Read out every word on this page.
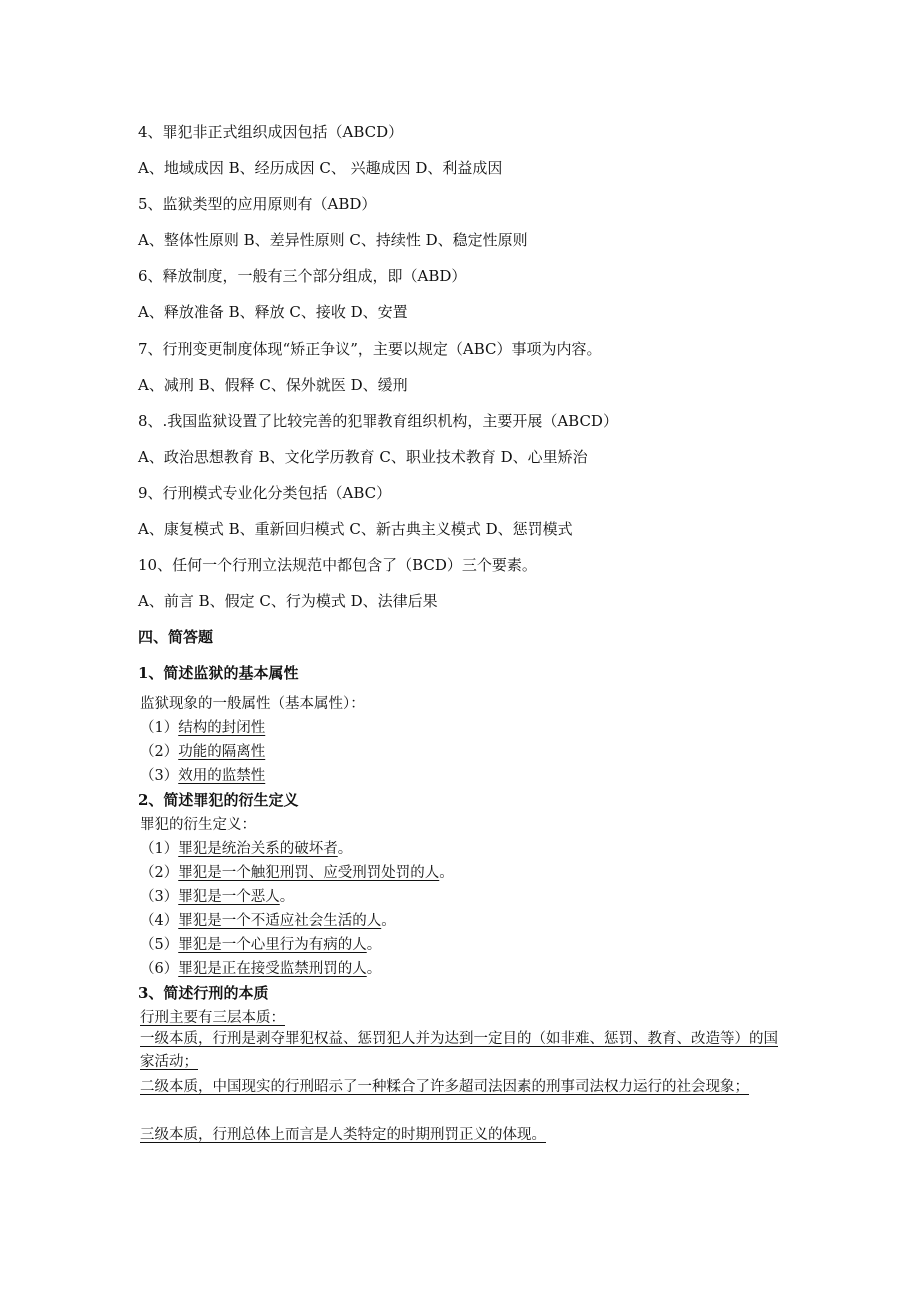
4、罪犯非正式组织成因包括（ABCD）
A、地域成因 B、经历成因 C、 兴趣成因 D、利益成因
5、监狱类型的应用原则有（ABD）
A、整体性原则 B、差异性原则 C、持续性 D、稳定性原则
6、释放制度，一般有三个部分组成，即（ABD）
A、释放准备 B、释放 C、接收 D、安置
7、行刑变更制度体现“矫正争议”，主要以规定（ABC）事项为内容。
A、减刑 B、假释 C、保外就医 D、缓刑
8、.我国监狱设置了比较完善的犯罪教育组织机构，主要开展（ABCD）
A、政治思想教育 B、文化学历教育 C、职业技术教育 D、心里矫治
9、行刑模式专业化分类包括（ABC）
A、康复模式 B、重新回归模式 C、新古典主义模式 D、惩罚模式
10、任何一个行刑立法规范中都包含了（BCD）三个要素。
A、前言 B、假定 C、行为模式 D、法律后果
四、简答题
1、简述监狱的基本属性
监狱现象的一般属性（基本属性）：
（1）结构的封闭性
（2）功能的隔离性
（3）效用的监禁性
2、简述罪犯的衍生定义
罪犯的衍生定义：
（1）罪犯是统治关系的破坏者。
（2）罪犯是一个触犯刑罚、应受刑罚处罚的人。
（3）罪犯是一个恶人。
（4）罪犯是一个不适应社会生活的人。
（5）罪犯是一个心里行为有病的人。
（6）罪犯是正在接受监禁刑罚的人。
3、简述行刑的本质
行刑主要有三层本质：
一级本质，行刑是剥夺罪犯权益、惩罚犯人并为达到一定目的（如非难、惩罚、教育、改造等）的国家活动；
二级本质，中国现实的行刑昭示了一种糅合了许多超司法因素的刑事司法权力运行的社会现象；
三级本质，行刑总体上而言是人类特定的时期刑罚正义的体现。
